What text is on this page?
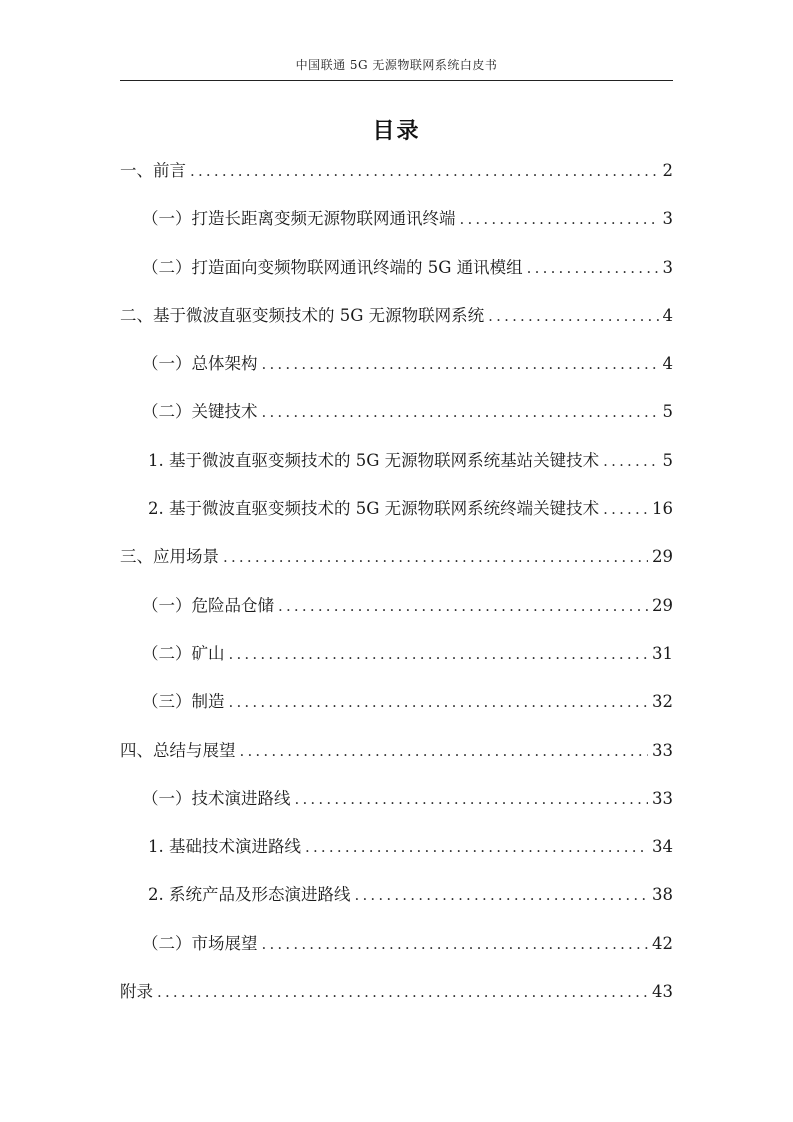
中国联通 5G 无源物联网系统白皮书
目录
一、前言 .....	2
（一）打造长距离变频无源物联网通讯终端 .....	3
（二）打造面向变频物联网通讯终端的 5G 通讯模组 .....	3
二、基于微波直驱变频技术的 5G 无源物联网系统 .....	4
（一）总体架构 .....	4
（二）关键技术 .....	5
1. 基于微波直驱变频技术的 5G 无源物联网系统基站关键技术 .....	5
2. 基于微波直驱变频技术的 5G 无源物联网系统终端关键技术 .....	16
三、应用场景 .....	29
（一）危险品仓储 .....	29
（二）矿山 .....	31
（三）制造 .....	32
四、总结与展望 .....	33
（一）技术演进路线 .....	33
1. 基础技术演进路线 .....	34
2. 系统产品及形态演进路线 .....	38
（二）市场展望 .....	42
附录 .....	43
